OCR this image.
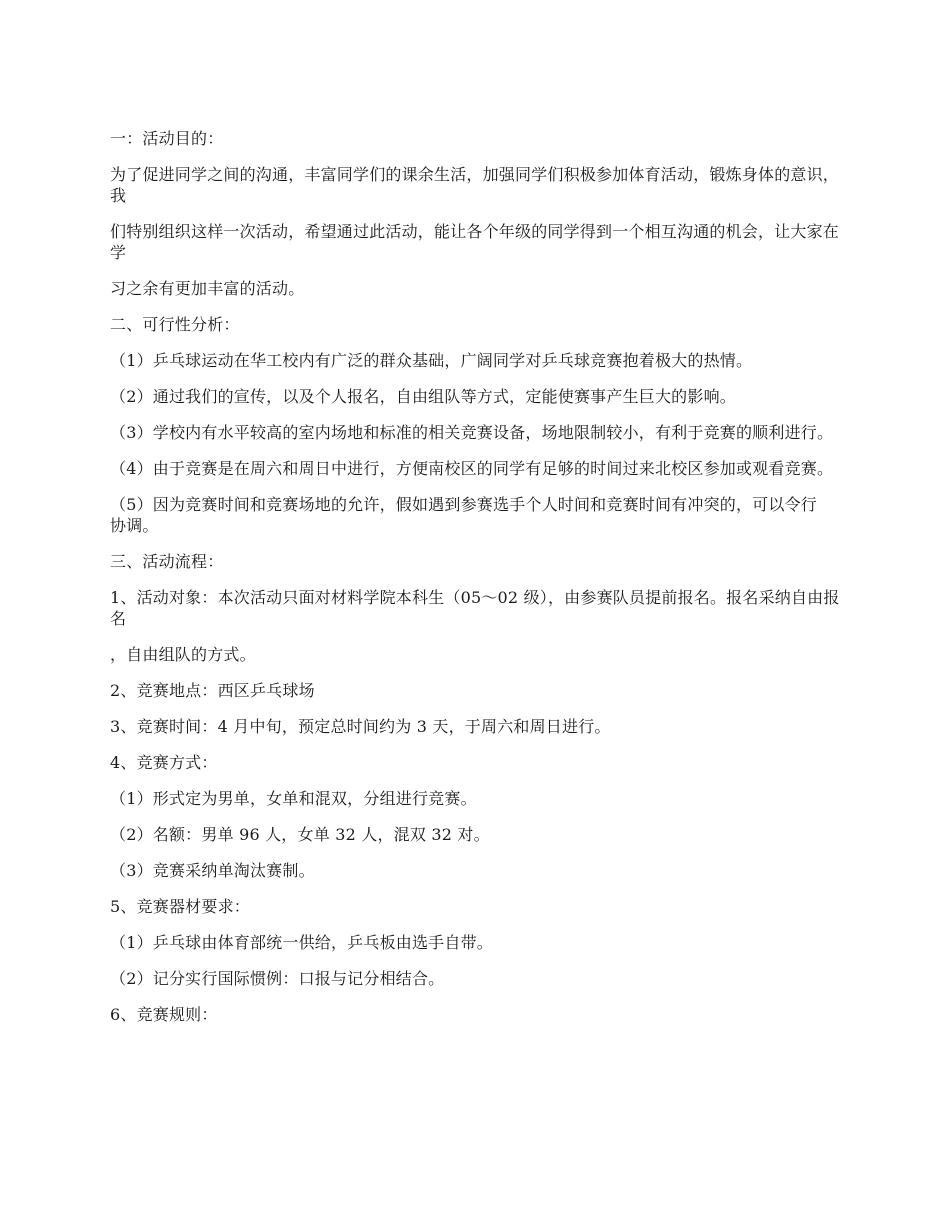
一：活动目的：

为了促进同学之间的沟通，丰富同学们的课余生活，加强同学们积极参加体育活动，锻炼身体的意识，我

们特别组织这样一次活动，希望通过此活动，能让各个年级的同学得到一个相互沟通的机会，让大家在学

习之余有更加丰富的活动。

二、可行性分析：

（1）乒乓球运动在华工校内有广泛的群众基础，广阔同学对乒乓球竞赛抱着极大的热情。

（2）通过我们的宣传，以及个人报名，自由组队等方式，定能使赛事产生巨大的影响。

（3）学校内有水平较高的室内场地和标准的相关竞赛设备，场地限制较小，有利于竞赛的顺利进行。

（4）由于竞赛是在周六和周日中进行，方便南校区的同学有足够的时间过来北校区参加或观看竞赛。

（5）因为竞赛时间和竞赛场地的允许，假如遇到参赛选手个人时间和竞赛时间有冲突的，可以令行协调。

三、活动流程：

1、活动对象：本次活动只面对材料学院本科生（05～02 级），由参赛队员提前报名。报名采纳自由报名

，自由组队的方式。

2、竞赛地点：西区乒乓球场

3、竞赛时间：4 月中旬，预定总时间约为 3 天，于周六和周日进行。

4、竞赛方式：

（1）形式定为男单，女单和混双，分组进行竞赛。

（2）名额：男单 96 人，女单 32 人，混双 32 对。

（3）竞赛采纳单淘汰赛制。

5、竞赛器材要求：

（1）乒乓球由体育部统一供给，乒乓板由选手自带。

（2）记分实行国际惯例：口报与记分相结合。

6、竞赛规则：
